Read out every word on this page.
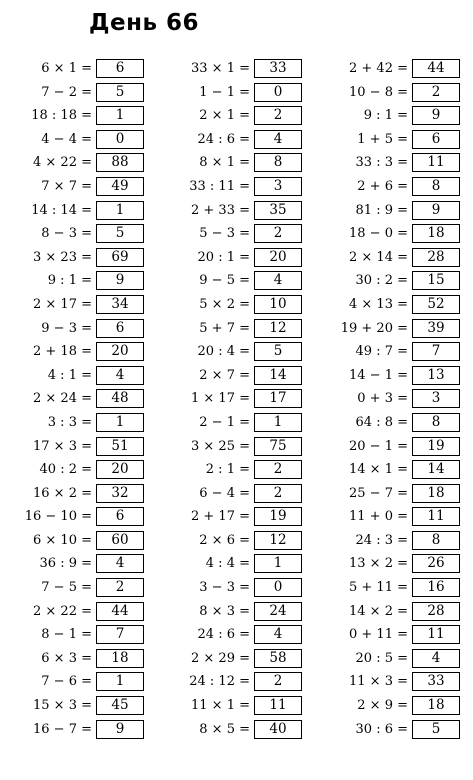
День 66
6 × 1 =	6
7 − 2 =	5
18 : 18 =	1
4 − 4 =	0
4 × 22 =	88
7 × 7 =	49
14 : 14 =	1
8 − 3 =	5
3 × 23 =	69
9 : 1 =	9
2 × 17 =	34
9 − 3 =	6
2 + 18 =	20
4 : 1 =	4
2 × 24 =	48
3 : 3 =	1
17 × 3 =	51
40 : 2 =	20
16 × 2 =	32
16 − 10 =	6
6 × 10 =	60
36 : 9 =	4
7 − 5 =	2
2 × 22 =	44
8 − 1 =	7
6 × 3 =	18
7 − 6 =	1
15 × 3 =	45
16 − 7 =	9
33 × 1 =	33
1 − 1 =	0
2 × 1 =	2
24 : 6 =	4
8 × 1 =	8
33 : 11 =	3
2 + 33 =	35
5 − 3 =	2
20 : 1 =	20
9 − 5 =	4
5 × 2 =	10
5 + 7 =	12
20 : 4 =	5
2 × 7 =	14
1 × 17 =	17
2 − 1 =	1
3 × 25 =	75
2 : 1 =	2
6 − 4 =	2
2 + 17 =	19
2 × 6 =	12
4 : 4 =	1
3 − 3 =	0
8 × 3 =	24
24 : 6 =	4
2 × 29 =	58
24 : 12 =	2
11 × 1 =	11
8 × 5 =	40
2 + 42 =	44
10 − 8 =	2
9 : 1 =	9
1 + 5 =	6
33 : 3 =	11
2 + 6 =	8
81 : 9 =	9
18 − 0 =	18
2 × 14 =	28
30 : 2 =	15
4 × 13 =	52
19 + 20 =	39
49 : 7 =	7
14 − 1 =	13
0 + 3 =	3
64 : 8 =	8
20 − 1 =	19
14 × 1 =	14
25 − 7 =	18
11 + 0 =	11
24 : 3 =	8
13 × 2 =	26
5 + 11 =	16
14 × 2 =	28
0 + 11 =	11
20 : 5 =	4
11 × 3 =	33
2 × 9 =	18
30 : 6 =	5
